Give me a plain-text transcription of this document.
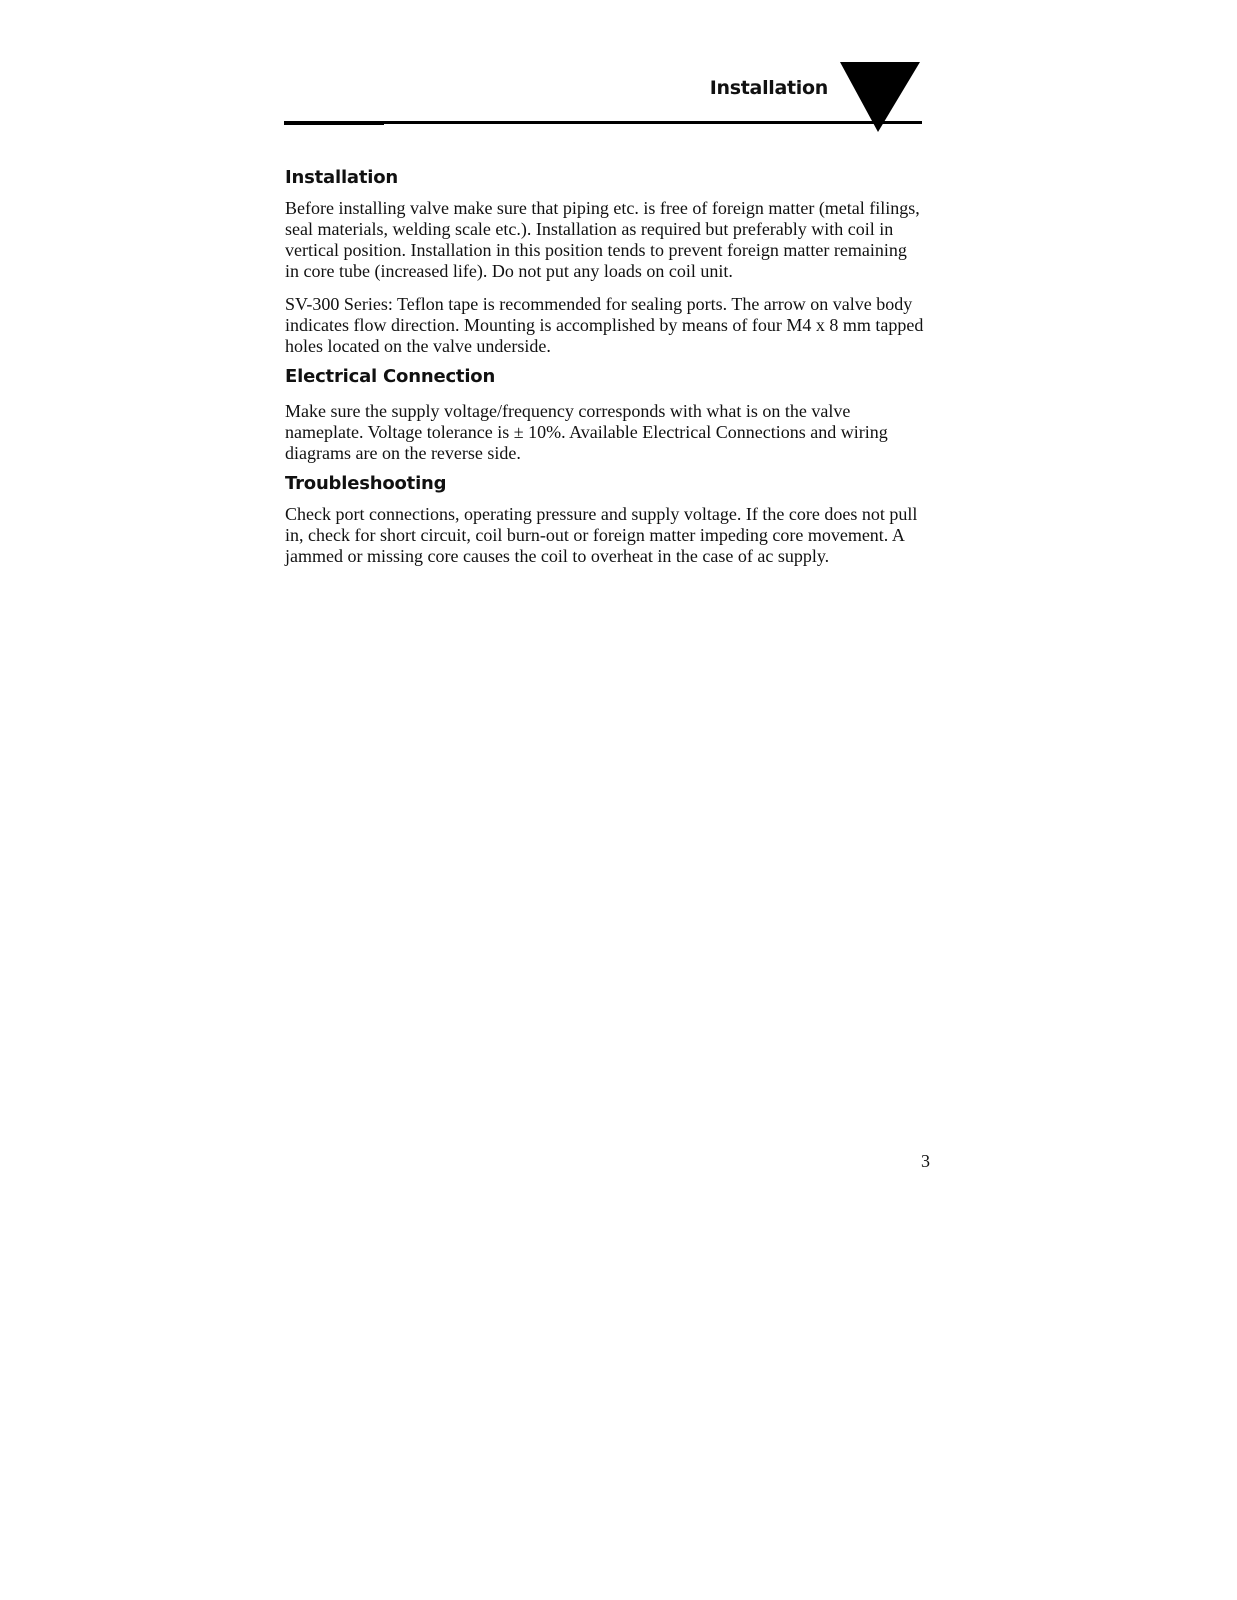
Installation
Installation

Before installing valve make sure that piping etc. is free of foreign matter (metal filings, seal materials, welding scale etc.). Installation as required but preferably with coil in vertical position. Installation in this position tends to prevent foreign matter remaining in core tube (increased life). Do not put any loads on coil unit.

SV-300 Series: Teflon tape is recommended for sealing ports. The arrow on valve body indicates flow direction. Mounting is accomplished by means of four M4 x 8 mm tapped holes located on the valve underside.

Electrical Connection

Make sure the supply voltage/frequency corresponds with what is on the valve nameplate. Voltage tolerance is ± 10%. Available Electrical Connections and wiring diagrams are on the reverse side.

Troubleshooting

Check port connections, operating pressure and supply voltage. If the core does not pull in, check for short circuit, coil burn-out or foreign matter impeding core movement. A jammed or missing core causes the coil to overheat in the case of ac supply.

3
